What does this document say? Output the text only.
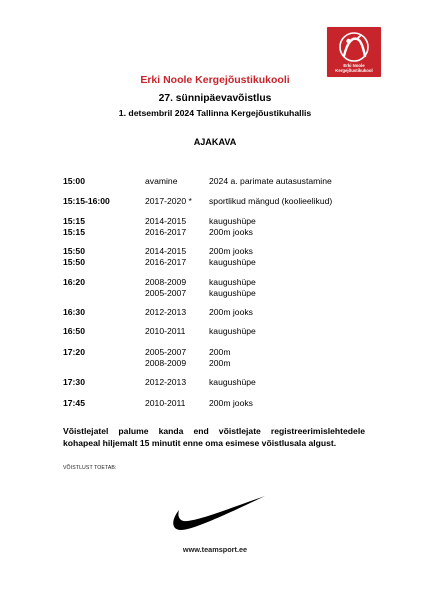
Erki Noole
Kergejõustikukool
Erki Noole Kergejõustikukooli
27. sünnipäevavõistlus
1. detsembril 2024 Tallinna Kergejõustikuhallis
AJAKAVA
15:00	avamine	2024 a. parimate autasustamine
15:15-16:00	2017-2020 * sportlikud mängud (koolieelikud)
15:15	2014-2015	kaugushüpe
15:15	2016-2017	200m jooks
15:50	2014-2015	200m jooks
15:50	2016-2017	kaugushüpe
16:20	2008-2009	kaugushüpe
2005-2007	kaugushüpe
16:30	2012-2013	200m jooks
16:50	2010-2011	kaugushüpe
17:20	2005-2007	200m
2008-2009	200m
17:30	2012-2013	kaugushüpe
17:45	2010-2011	200m jooks
Võistlejatel palume kanda end võistlejate registreerimislehtedele kohapeal hiljemalt 15 minutit enne oma esimese võistlusala algust.
VÕISTLUST TOETAB:
www.teamsport.ee
